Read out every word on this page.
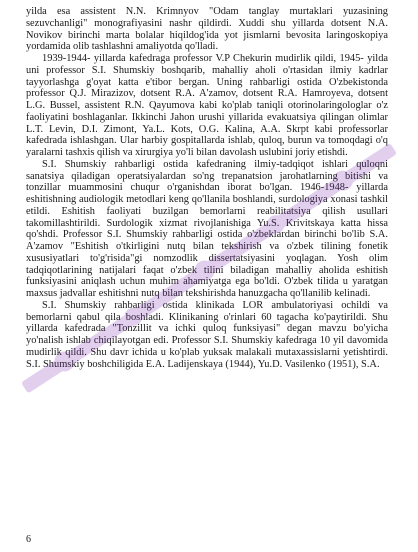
yilda esa assistent N.N. Krimnyov "Odam tanglay murtaklari yuzasining sezuvchanligi" monografiyasini nashr qildirdi. Xuddi shu yillarda dotsent N.A. Novikov birinchi marta bolalar hiqildog'ida yot jismlarni bevosita laringoskopiya yordamida olib tashlashni amaliyotda qo'lladi.

1939-1944- yillarda kafedraga professor V.P Chekurin mudirlik qildi, 1945- yilda uni professor S.I. Shumskiy boshqarib, mahalliy aholi o'rtasidan ilmiy kadrlar tayyorlashga g'oyat katta e'tibor bergan. Uning rahbarligi ostida O'zbekistonda professor Q.J. Mirazizov, dotsent R.A. A'zamov, dotsent R.A. Hamroyeva, dotsent L.G. Bussel, assistent R.N. Qayumova kabi ko'plab taniqli otorinolaringologlar o'z faoliyatini boshlaganlar. Ikkinchi Jahon urushi yillarida evakuatsiya qilingan olimlar L.T. Levin, D.I. Zimont, Ya.L. Kots, O.G. Kalina, A.A. Skrpt kabi professorlar kafedrada ishlashgan. Ular harbiy gospitallarda ishlab, quloq, burun va tomoqdagi o'q yaralarni tashxis qilish va xirurgiya yo'li bilan davolash uslubini joriy etishdi.

S.I. Shumskiy rahbarligi ostida kafedraning ilmiy-tadqiqot ishlari quloqni sanatsiya qiladigan operatsiyalardan so'ng trepanatsion jarohatlarning bitishi va tonzillar muammosini chuqur o'rganishdan iborat bo'lgan. 1946-1948- yillarda eshitishning audiologik metodlari keng qo'llanila boshlandi, surdologiya xonasi tashkil etildi. Eshitish faoliyati buzilgan bemorlarni reabilitatsiya qilish usullari takomillashtirildi. Surdologik xizmat rivojlanishiga Yu.S. Krivitskaya katta hissa qo'shdi. Professor S.I. Shumskiy rahbarligi ostida o'zbeklardan birinchi bo'lib S.A. A'zamov "Eshitish o'tkirligini nutq bilan tekshirish va o'zbek tilining fonetik xususiyatlari to'g'risida"gi nomzodlik dissertatsiyasini yoqlagan. Yosh olim tadqiqotlarining natijalari faqat o'zbek tilini biladigan mahalliy aholida eshitish funksiyasini aniqlash uchun muhim ahamiyatga ega bo'ldi. O'zbek tilida u yaratgan maxsus jadvallar eshitishni nutq bilan tekshirishda hanuzgacha qo'llanilib kelinadi.

S.I. Shumskiy rahbarligi ostida klinikada LOR ambulatoriyasi ochildi va bemorlarni qabul qila boshladi. Klinikaning o'rinlari 60 tagacha ko'paytirildi. Shu yillarda kafedrada "Tonzillit va ichki quloq funksiyasi" degan mavzu bo'yicha yo'nalish ishlab chiqilayotgan edi. Professor S.I. Shumskiy kafedraga 10 yil davomida mudirlik qildi. Shu davr ichida u ko'plab yuksak malakali mutaxassislarni yetishtirdi. S.I. Shumskiy boshchiligida E.A. Ladijenskaya (1944), Yu.D. Vasilenko (1951), S.A.

6
